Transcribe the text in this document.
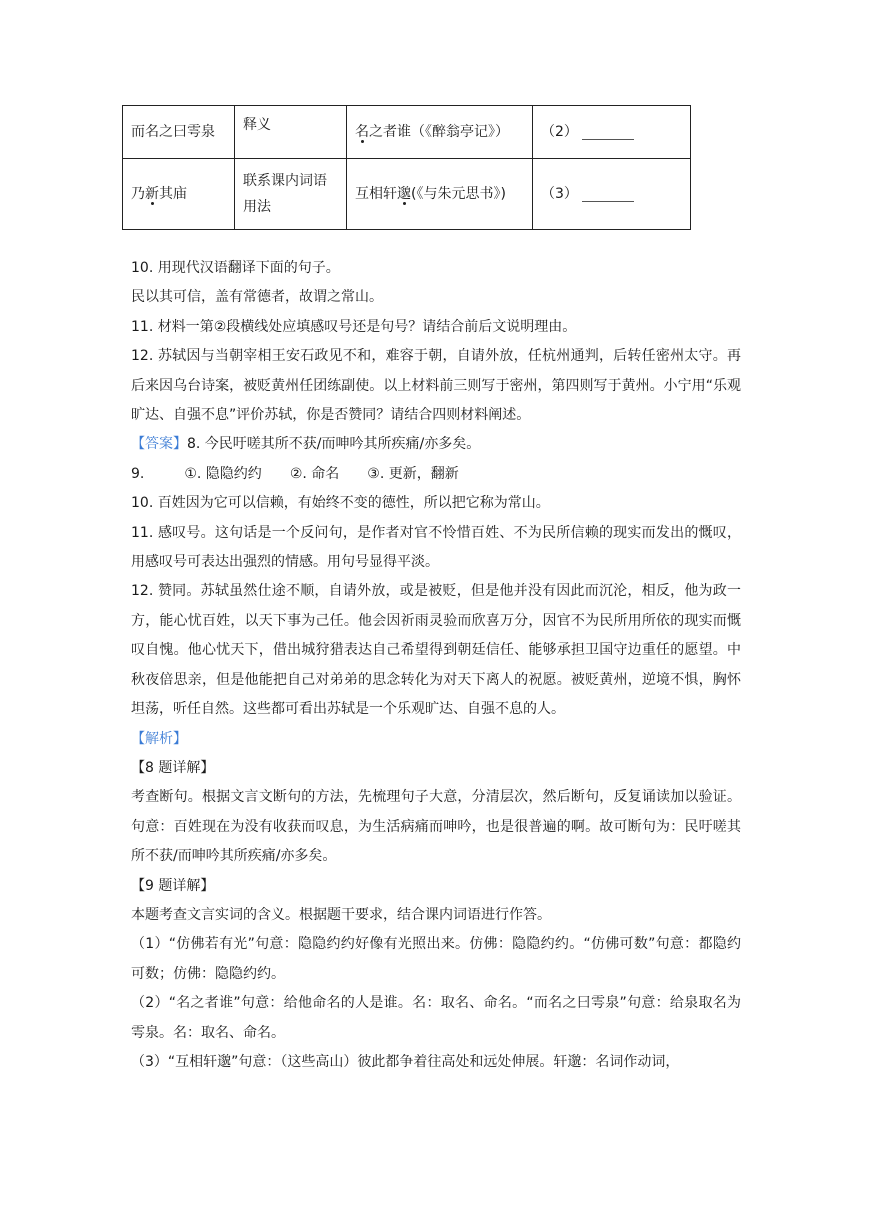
而名之曰雩泉	释义	名之者谁（《醉翁亭记》）	（2）
乃新其庙	联系课内词语用法	互相轩邈(《与朱元思书》)	（3）

10. 用现代汉语翻译下面的句子。

民以其可信，盖有常德者，故谓之常山。

11. 材料一第②段横线处应填感叹号还是句号？请结合前后文说明理由。

12. 苏轼因与当朝宰相王安石政见不和，难容于朝，自请外放，任杭州通判，后转任密州太守。再后来因乌台诗案，被贬黄州任团练副使。以上材料前三则写于密州，第四则写于黄州。小宁用“乐观旷达、自强不息”评价苏轼，你是否赞同？请结合四则材料阐述。

【答案】8. 今民吁嗟其所不获/而呻吟其所疾痛/亦多矣。

9.	①. 隐隐约约 ②. 命名 ③. 更新，翻新

10. 百姓因为它可以信赖，有始终不变的德性，所以把它称为常山。

11. 感叹号。这句话是一个反问句，是作者对官不怜惜百姓、不为民所信赖的现实而发出的慨叹，用感叹号可表达出强烈的情感。用句号显得平淡。

12. 赞同。苏轼虽然仕途不顺，自请外放，或是被贬，但是他并没有因此而沉沦，相反，他为政一方，能心忧百姓，以天下事为己任。他会因祈雨灵验而欣喜万分，因官不为民所用所依的现实而慨叹自愧。他心忧天下，借出城狩猎表达自己希望得到朝廷信任、能够承担卫国守边重任的愿望。中秋夜倍思亲，但是他能把自己对弟弟的思念转化为对天下离人的祝愿。被贬黄州，逆境不惧，胸怀坦荡，听任自然。这些都可看出苏轼是一个乐观旷达、自强不息的人。

【解析】

【8 题详解】

考查断句。根据文言文断句的方法，先梳理句子大意，分清层次，然后断句，反复诵读加以验证。句意：百姓现在为没有收获而叹息，为生活病痛而呻吟，也是很普遍的啊。故可断句为：民吁嗟其所不获/而呻吟其所疾痛/亦多矣。

【9 题详解】

本题考查文言实词的含义。根据题干要求，结合课内词语进行作答。

（1）“仿佛若有光”句意：隐隐约约好像有光照出来。仿佛：隐隐约约。“仿佛可数”句意：都隐约可数；仿佛：隐隐约约。

（2）“名之者谁”句意：给他命名的人是谁。名：取名、命名。“而名之曰雩泉”句意：给泉取名为雩泉。名：取名、命名。

（3）“互相轩邈”句意：（这些高山）彼此都争着往高处和远处伸展。轩邈：名词作动词，
